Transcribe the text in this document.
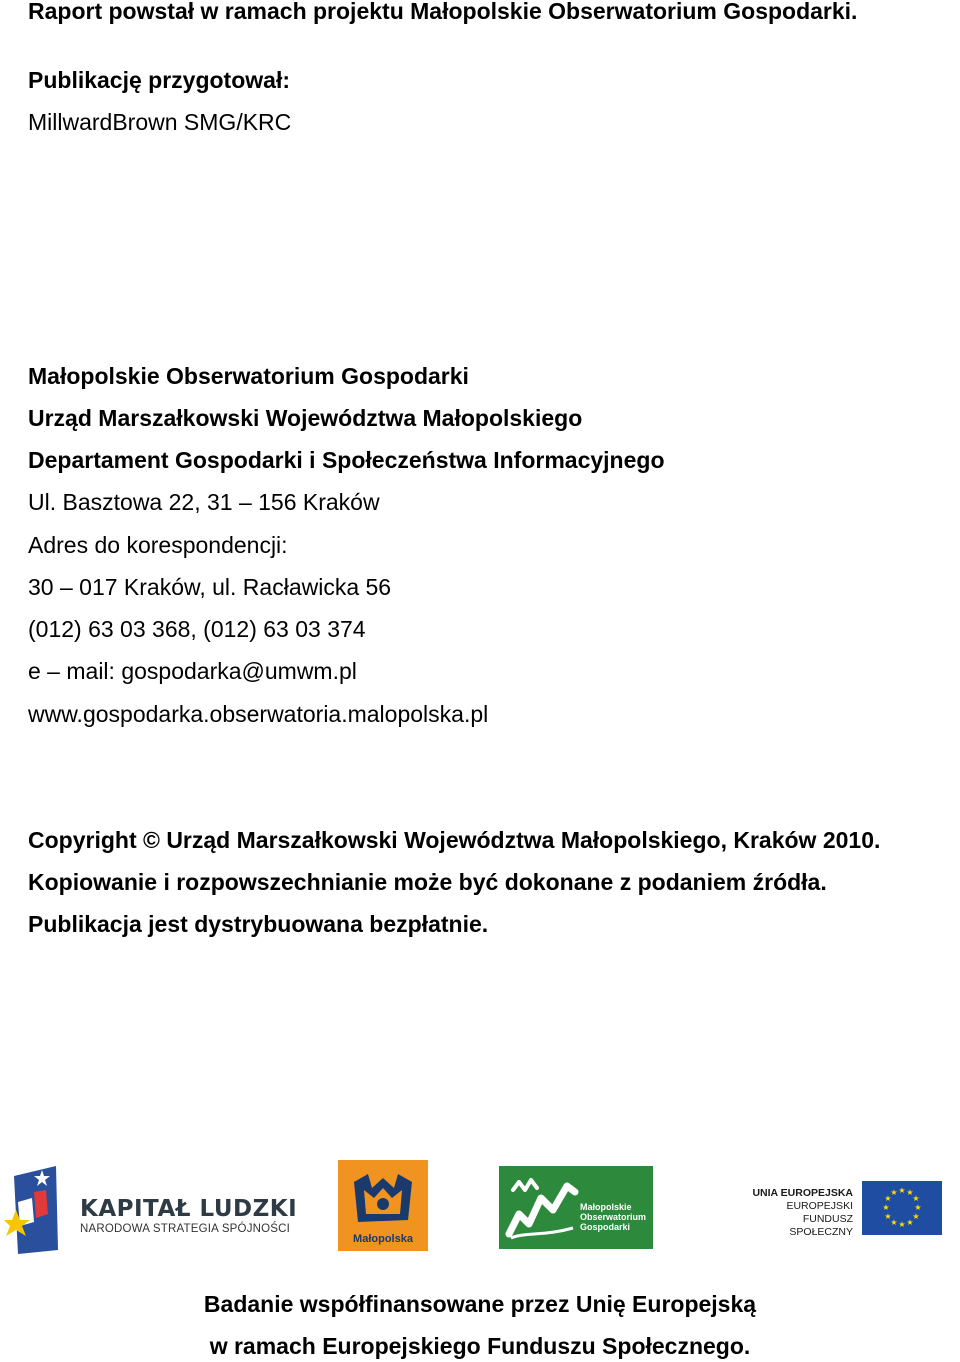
Raport powstał w ramach projektu Małopolskie Obserwatorium Gospodarki.
Publikację przygotował:
MillwardBrown SMG/KRC
Małopolskie Obserwatorium Gospodarki
Urząd Marszałkowski Województwa Małopolskiego
Departament Gospodarki i Społeczeństwa Informacyjnego
Ul. Basztowa 22, 31 – 156 Kraków
Adres do korespondencji:
30 – 017 Kraków, ul. Racławicka 56
(012) 63 03 368, (012) 63 03 374
e – mail: gospodarka@umwm.pl
www.gospodarka.obserwatoria.malopolska.pl
Copyright © Urząd Marszałkowski Województwa Małopolskiego, Kraków 2010.
Kopiowanie i rozpowszechnianie może być dokonane z podaniem źródła.
Publikacja jest dystrybuowana bezpłatnie.
KAPITAŁ LUDZKI
NARODOWA STRATEGIA SPÓJNOŚCI
Małopolska
Małopolskie
Obserwatorium
Gospodarki
UNIA EUROPEJSKA
EUROPEJSKI
FUNDUSZ SPOŁECZNY
★ ★
★
★
★
★
★
★
★
★
★
★
Badanie współfinansowane przez Unię Europejską
w ramach Europejskiego Funduszu Społecznego.
